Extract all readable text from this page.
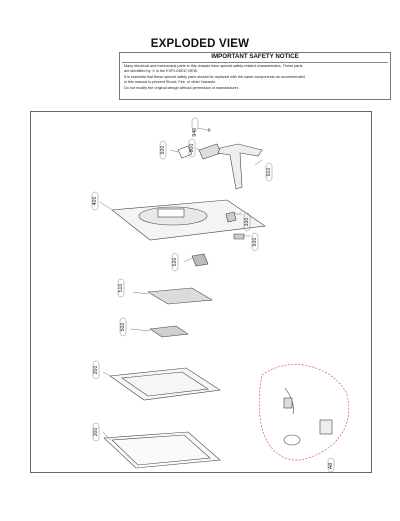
EXPLODED VIEW
IMPORTANT SAFETY NOTICE

Many electrical and mechanical parts in this chassis have special safety-related characteristics. These parts

are identified by ⚠ in the EXPLODED VIEW.

It is essential that these special safety parts should be replaced with the same components as recommended

in this manual to prevent Shock, Fire, or other Hazards.

Do not modify the original design without permission of manufacturer.

940
920	900
910
400
330
930
520
510
500
200
300
A8
